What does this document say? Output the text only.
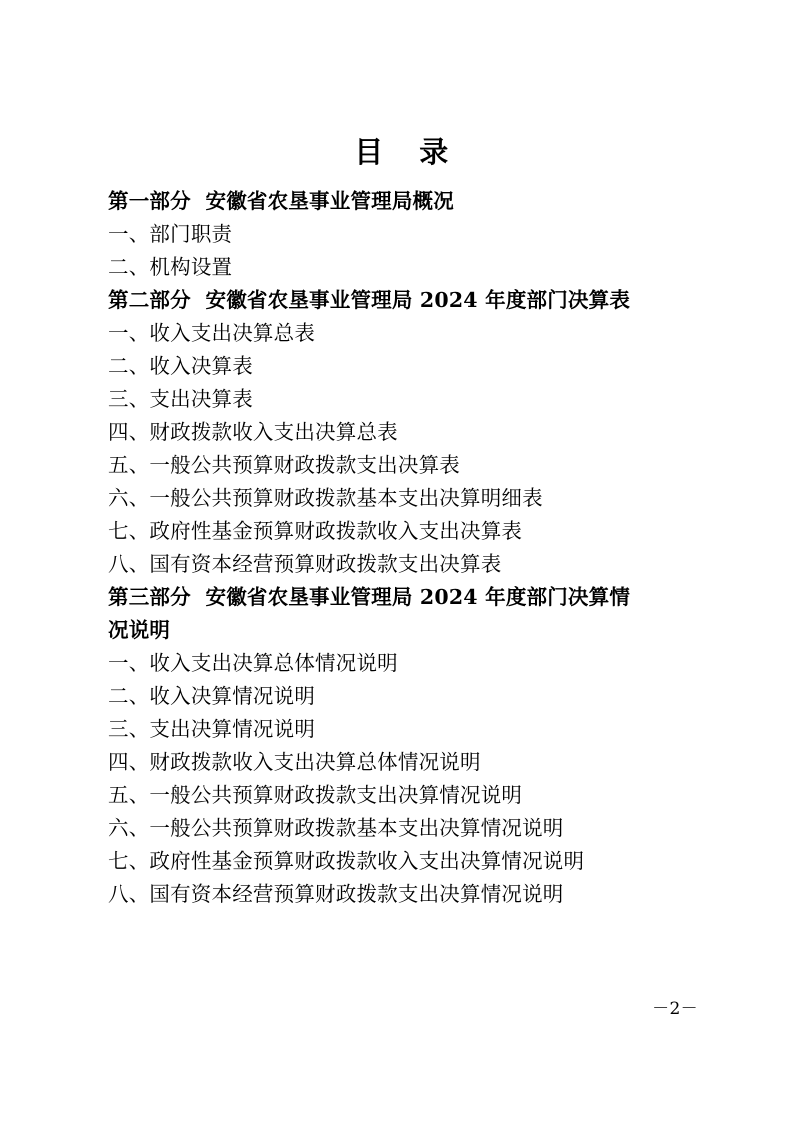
目　录
第一部分  安徽省农垦事业管理局概况
一、部门职责
二、机构设置
第二部分  安徽省农垦事业管理局 2024 年度部门决算表
一、收入支出决算总表
二、收入决算表
三、支出决算表
四、财政拨款收入支出决算总表
五、一般公共预算财政拨款支出决算表
六、一般公共预算财政拨款基本支出决算明细表
七、政府性基金预算财政拨款收入支出决算表
八、国有资本经营预算财政拨款支出决算表
第三部分  安徽省农垦事业管理局 2024 年度部门决算情
况说明
一、收入支出决算总体情况说明
二、收入决算情况说明
三、支出决算情况说明
四、财政拨款收入支出决算总体情况说明
五、一般公共预算财政拨款支出决算情况说明
六、一般公共预算财政拨款基本支出决算情况说明
七、政府性基金预算财政拨款收入支出决算情况说明
八、国有资本经营预算财政拨款支出决算情况说明
－2－
